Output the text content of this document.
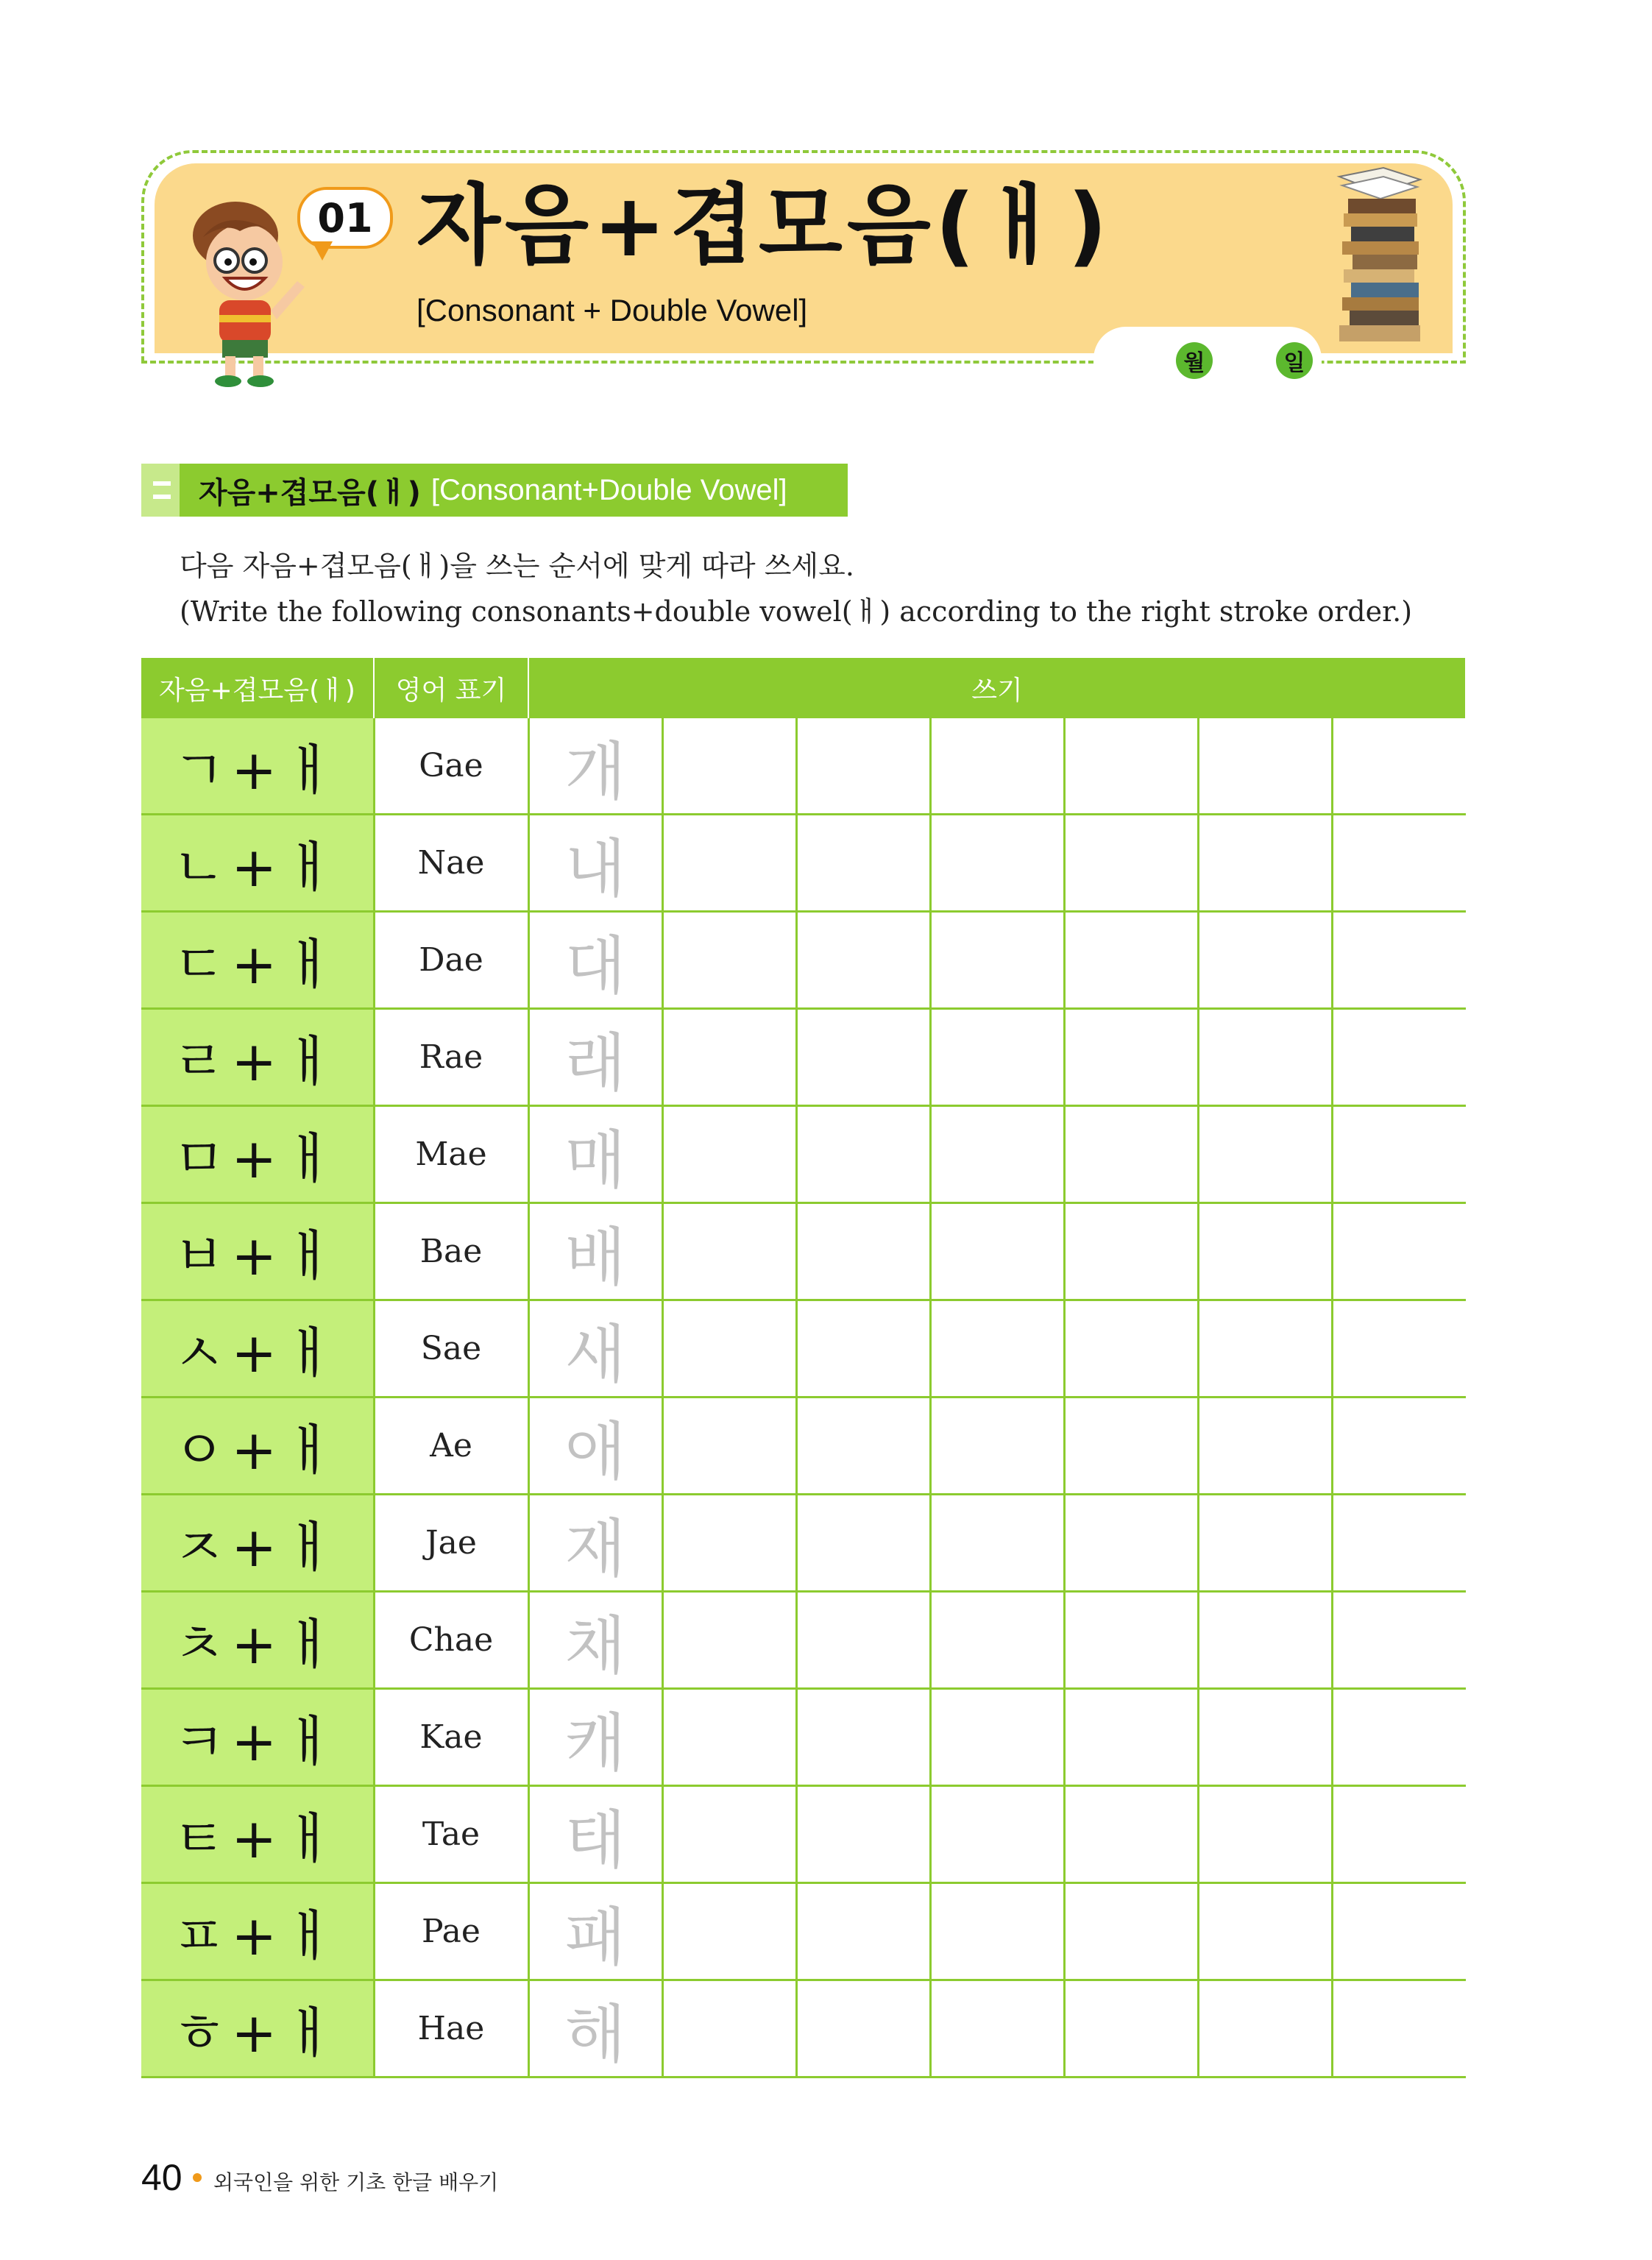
01 자음+겹모음(ㅐ)
[Consonant + Double Vowel]
월	일
자음+겹모음(ㅐ) [Consonant+Double Vowel]
다음 자음+겹모음(ㅐ)을 쓰는 순서에 맞게 따라 쓰세요.
(Write the following consonants+double vowel(ㅐ) according to the right stroke order.)
자음+겹모음(ㅐ)	영어 표기	쓰기						
ㄱ+ㅐ	Gae	개						
ㄴ+ㅐ	Nae	내						
ㄷ+ㅐ	Dae	대						
ㄹ+ㅐ	Rae	래						
ㅁ+ㅐ	Mae	매						
ㅂ+ㅐ	Bae	배						
ㅅ+ㅐ	Sae	새						
ㅇ+ㅐ	Ae	애						
ㅈ+ㅐ	Jae	재						
ㅊ+ㅐ	Chae	채						
ㅋ+ㅐ	Kae	캐						
ㅌ+ㅐ	Tae	태						
ㅍ+ㅐ	Pae	패						
ㅎ+ㅐ	Hae	해						
40 외국인을 위한 기초 한글 배우기
